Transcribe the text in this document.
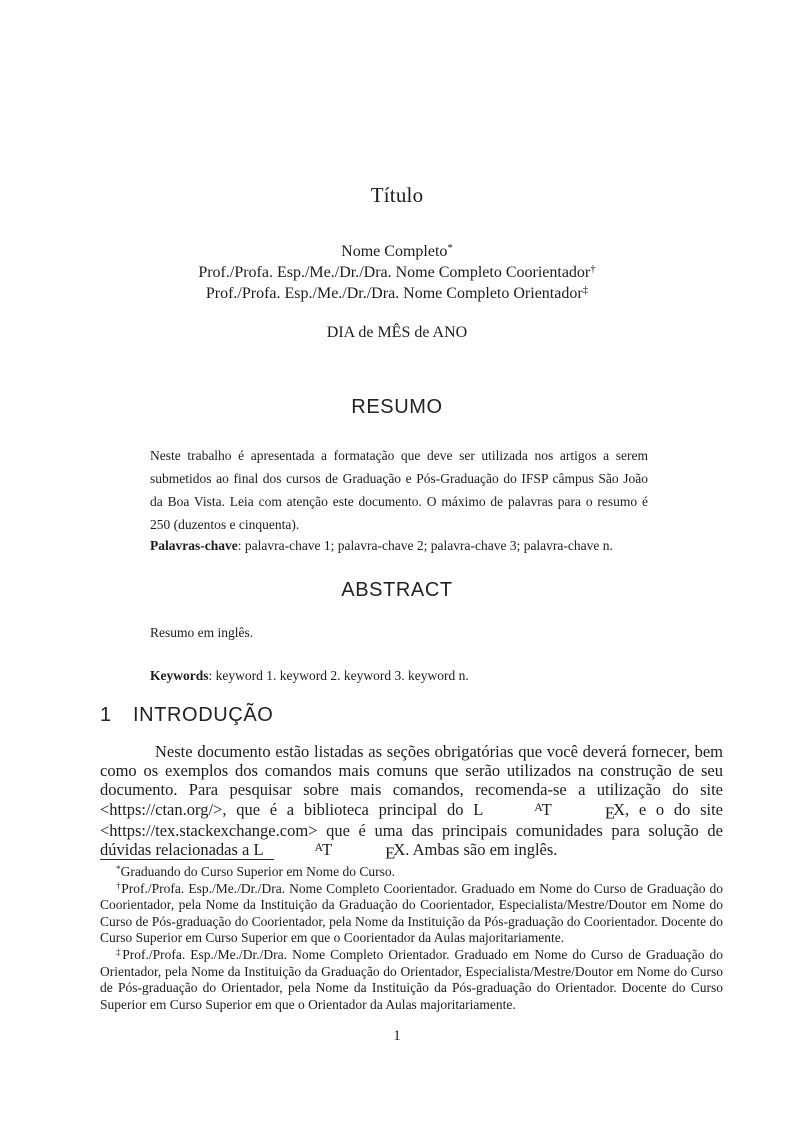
Título
Nome Completo*
Prof./Profa. Esp./Me./Dr./Dra. Nome Completo Coorientador†
Prof./Profa. Esp./Me./Dr./Dra. Nome Completo Orientador‡
DIA de MÊS de ANO
RESUMO
Neste trabalho é apresentada a formatação que deve ser utilizada nos artigos a serem submetidos ao final dos cursos de Graduação e Pós-Graduação do IFSP câmpus São João da Boa Vista. Leia com atenção este documento. O máximo de palavras para o resumo é 250 (duzentos e cinquenta).
Palavras-chave: palavra-chave 1; palavra-chave 2; palavra-chave 3; palavra-chave n.
ABSTRACT
Resumo em inglês.
Keywords: keyword 1. keyword 2. keyword 3. keyword n.
1 INTRODUÇÃO
Neste documento estão listadas as seções obrigatórias que você deverá fornecer, bem como os exemplos dos comandos mais comuns que serão utilizados na construção de seu documento. Para pesquisar sobre mais comandos, recomenda-se a utilização do site <https://ctan.org/>, que é a biblioteca principal do L	AT	EX, e o do site <https://tex.stackexchange.com> que é uma das principais comunidades para solução de dúvidas relacionadas a L	AT	EX. Ambas são em inglês.

*Graduando do Curso Superior em Nome do Curso.

†Prof./Profa. Esp./Me./Dr./Dra. Nome Completo Coorientador. Graduado em Nome do Curso de Graduação do Coorientador, pela Nome da Instituição da Graduação do Coorientador, Especialista/Mestre/Doutor em Nome do Curso de Pós-graduação do Coorientador, pela Nome da Instituição da Pós-graduação do Coorientador. Docente do Curso Superior em Curso Superior em que o Coorientador da Aulas majoritariamente.

‡Prof./Profa. Esp./Me./Dr./Dra. Nome Completo Orientador. Graduado em Nome do Curso de Graduação do Orientador, pela Nome da Instituição da Graduação do Orientador, Especialista/Mestre/Doutor em Nome do Curso de Pós-graduação do Orientador, pela Nome da Instituição da Pós-graduação do Orientador. Docente do Curso Superior em Curso Superior em que o Orientador da Aulas majoritariamente.

1
